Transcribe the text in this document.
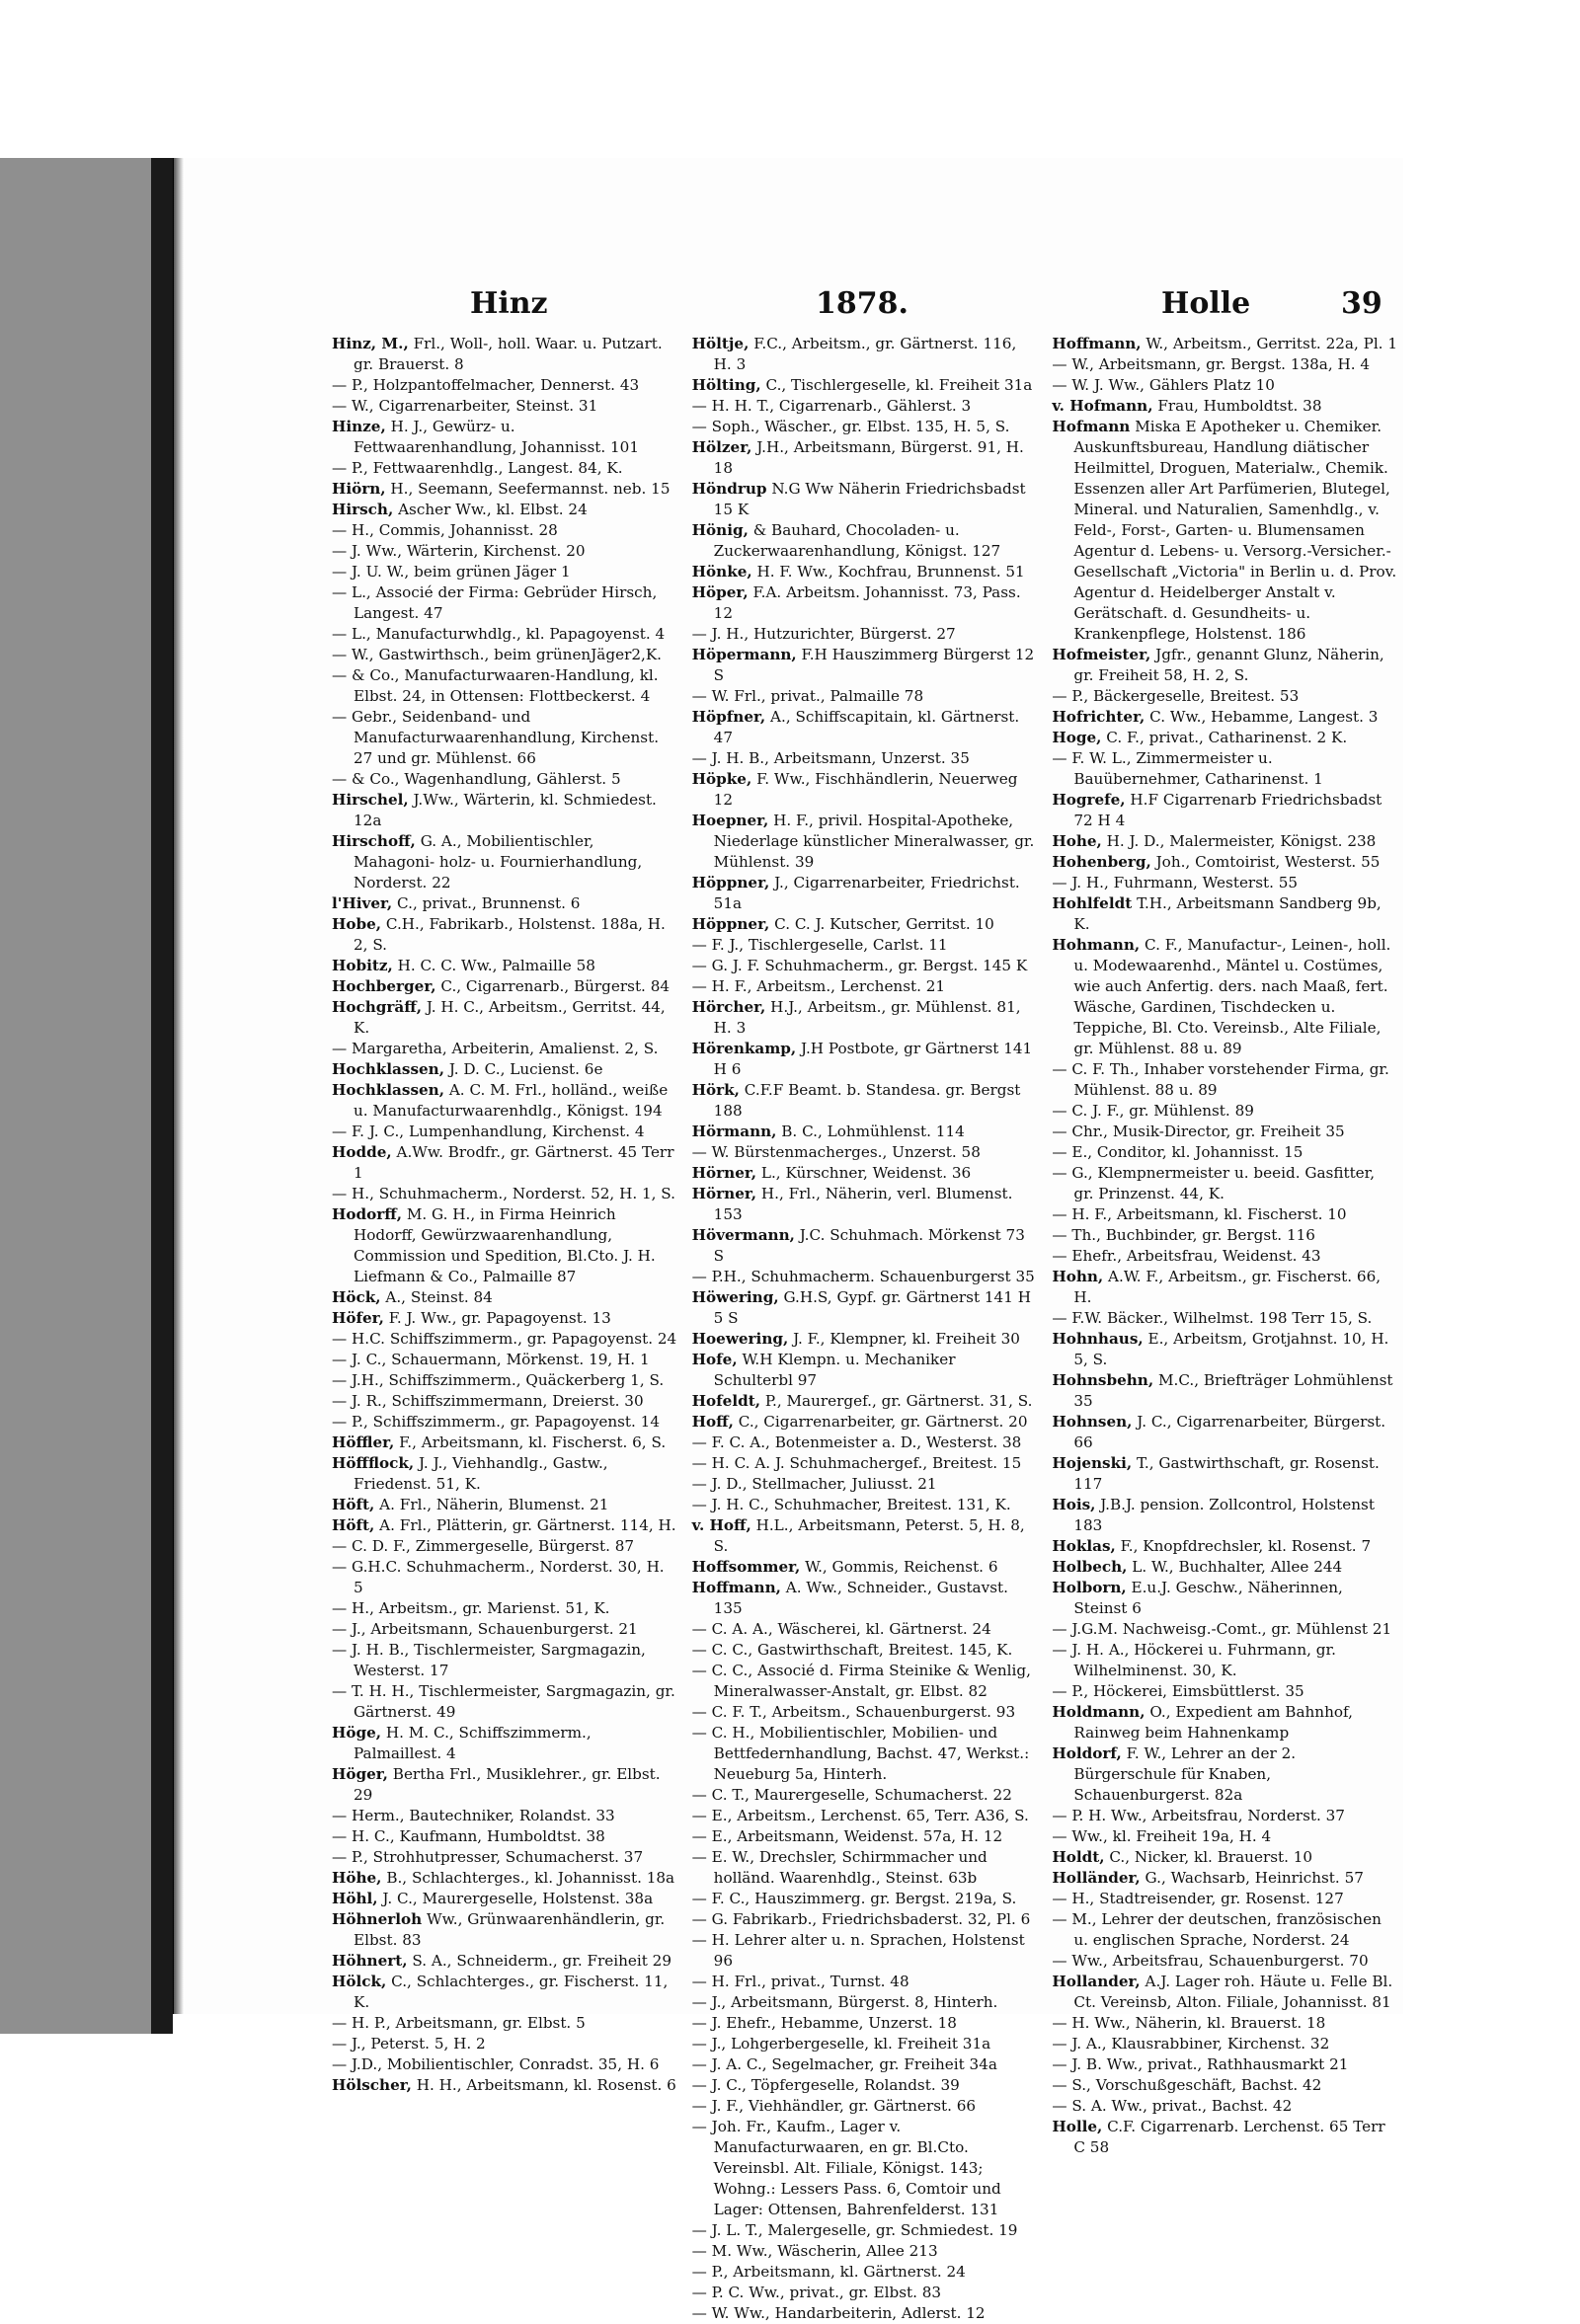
Hinz	1878.	Holle	39
Hinz, M., Frl., Woll-, holl. Waar. u. Putzart. gr. Brauerst. 8
— P., Holzpantoffelmacher, Dennerst. 43
— W., Cigarrenarbeiter, Steinst. 31
Hinze, H. J., Gewürz- u. Fettwaarenhandlung, Johannisst. 101
— P., Fettwaarenhdlg., Langest. 84, K.
Hiörn, H., Seemann, Seefermannst. neb. 15
Hirsch, Ascher Ww., kl. Elbst. 24
— H., Commis, Johannisst. 28
— J. Ww., Wärterin, Kirchenst. 20
— J. U. W., beim grünen Jäger 1
— L., Associé der Firma: Gebrüder Hirsch, Langest. 47
— L., Manufacturwhdlg., kl. Papagoyenst. 4
— W., Gastwirthsch., beim grünenJäger2,K.
— & Co., Manufacturwaaren-Handlung, kl. Elbst. 24, in Ottensen: Flottbeckerst. 4
— Gebr., Seidenband- und Manufacturwaarenhandlung, Kirchenst. 27 und gr. Mühlenst. 66
— & Co., Wagenhandlung, Gählerst. 5
Hirschel, J.Ww., Wärterin, kl. Schmiedest. 12a
Hirschoff, G. A., Mobilientischler, Mahagoni- holz- u. Fournierhandlung, Norderst. 22
l'Hiver, C., privat., Brunnenst. 6
Hobe, C.H., Fabrikarb., Holstenst. 188a, H. 2, S.
Hobitz, H. C. C. Ww., Palmaille 58
Hochberger, C., Cigarrenarb., Bürgerst. 84
Hochgräff, J. H. C., Arbeitsm., Gerritst. 44, K.
— Margaretha, Arbeiterin, Amalienst. 2, S.
Hochklassen, J. D. C., Lucienst. 6e
Hochklassen, A. C. M. Frl., holländ., weiße u. Manufacturwaarenhdlg., Königst. 194
— F. J. C., Lumpenhandlung, Kirchenst. 4
Hodde, A.Ww. Brodfr., gr. Gärtnerst. 45 Terr 1
— H., Schuhmacherm., Norderst. 52, H. 1, S.
Hodorff, M. G. H., in Firma Heinrich Hodorff, Gewürzwaarenhandlung, Commission und Spedition, Bl.Cto. J. H. Liefmann & Co., Palmaille 87
Höck, A., Steinst. 84
Höfer, F. J. Ww., gr. Papagoyenst. 13
— H.C. Schiffszimmerm., gr. Papagoyenst. 24
— J. C., Schauermann, Mörkenst. 19, H. 1
— J.H., Schiffszimmerm., Quäckerberg 1, S.
— J. R., Schiffszimmermann, Dreierst. 30
— P., Schiffszimmerm., gr. Papagoyenst. 14
Höffler, F., Arbeitsmann, kl. Fischerst. 6, S.
Höffflock, J. J., Viehhandlg., Gastw., Friedenst. 51, K.
Höft, A. Frl., Näherin, Blumenst. 21
Höft, A. Frl., Plätterin, gr. Gärtnerst. 114, H.
— C. D. F., Zimmergeselle, Bürgerst. 87
— G.H.C. Schuhmacherm., Norderst. 30, H. 5
— H., Arbeitsm., gr. Marienst. 51, K.
— J., Arbeitsmann, Schauenburgerst. 21
— J. H. B., Tischlermeister, Sargmagazin, Westerst. 17
— T. H. H., Tischlermeister, Sargmagazin, gr. Gärtnerst. 49
Höge, H. M. C., Schiffszimmerm., Palmaillest. 4
Höger, Bertha Frl., Musiklehrer., gr. Elbst. 29
— Herm., Bautechniker, Rolandst. 33
— H. C., Kaufmann, Humboldtst. 38
— P., Strohhutpresser, Schumacherst. 37
Höhe, B., Schlachterges., kl. Johannisst. 18a
Höhl, J. C., Maurergeselle, Holstenst. 38a
Höhnerloh Ww., Grünwaarenhändlerin, gr. Elbst. 83
Höhnert, S. A., Schneiderm., gr. Freiheit 29
Hölck, C., Schlachterges., gr. Fischerst. 11, K.
— H. P., Arbeitsmann, gr. Elbst. 5
— J., Peterst. 5, H. 2
— J.D., Mobilientischler, Conradst. 35, H. 6
Hölscher, H. H., Arbeitsmann, kl. Rosenst. 6
Höltje, F.C., Arbeitsm., gr. Gärtnerst. 116, H. 3
Hölting, C., Tischlergeselle, kl. Freiheit 31a
— H. H. T., Cigarrenarb., Gählerst. 3
— Soph., Wäscher., gr. Elbst. 135, H. 5, S.
Hölzer, J.H., Arbeitsmann, Bürgerst. 91, H. 18
Höndrup N.G Ww Näherin Friedrichsbadst 15 K
Hönig, & Bauhard, Chocoladen- u. Zuckerwaarenhandlung, Königst. 127
Hönke, H. F. Ww., Kochfrau, Brunnenst. 51
Höper, F.A. Arbeitsm. Johannisst. 73, Pass. 12
— J. H., Hutzurichter, Bürgerst. 27
Höpermann, F.H Hauszimmerg Bürgerst 12 S
— W. Frl., privat., Palmaille 78
Höpfner, A., Schiffscapitain, kl. Gärtnerst. 47
— J. H. B., Arbeitsmann, Unzerst. 35
Höpke, F. Ww., Fischhändlerin, Neuerweg 12
Hoepner, H. F., privil. Hospital-Apotheke, Niederlage künstlicher Mineralwasser, gr. Mühlenst. 39
Höppner, J., Cigarrenarbeiter, Friedrichst. 51a
Höppner, C. C. J. Kutscher, Gerritst. 10
— F. J., Tischlergeselle, Carlst. 11
— G. J. F. Schuhmacherm., gr. Bergst. 145 K
— H. F., Arbeitsm., Lerchenst. 21
Hörcher, H.J., Arbeitsm., gr. Mühlenst. 81, H. 3
Hörenkamp, J.H Postbote, gr Gärtnerst 141 H 6
Hörk, C.F.F Beamt. b. Standesa. gr. Bergst 188
Hörmann, B. C., Lohmühlenst. 114
— W. Bürstenmacherges., Unzerst. 58
Hörner, L., Kürschner, Weidenst. 36
Hörner, H., Frl., Näherin, verl. Blumenst. 153
Hövermann, J.C. Schuhmach. Mörkenst 73 S
— P.H., Schuhmacherm. Schauenburgerst 35
Höwering, G.H.S, Gypf. gr. Gärtnerst 141 H 5 S
Hoewering, J. F., Klempner, kl. Freiheit 30
Hofe, W.H Klempn. u. Mechaniker Schulterbl 97
Hofeldt, P., Maurergef., gr. Gärtnerst. 31, S.
Hoff, C., Cigarrenarbeiter, gr. Gärtnerst. 20
— F. C. A., Botenmeister a. D., Westerst. 38
— H. C. A. J. Schuhmachergef., Breitest. 15
— J. D., Stellmacher, Juliusst. 21
— J. H. C., Schuhmacher, Breitest. 131, K.
v. Hoff, H.L., Arbeitsmann, Peterst. 5, H. 8, S.
Hoffsommer, W., Gommis, Reichenst. 6
Hoffmann, A. Ww., Schneider., Gustavst. 135
— C. A. A., Wäscherei, kl. Gärtnerst. 24
— C. C., Gastwirthschaft, Breitest. 145, K.
— C. C., Associé d. Firma Steinike & Wenlig, Mineralwasser-Anstalt, gr. Elbst. 82
— C. F. T., Arbeitsm., Schauenburgerst. 93
— C. H., Mobilientischler, Mobilien- und Bettfedernhandlung, Bachst. 47, Werkst.: Neueburg 5a, Hinterh.
— C. T., Maurergeselle, Schumacherst. 22
— E., Arbeitsm., Lerchenst. 65, Terr. A36, S.
— E., Arbeitsmann, Weidenst. 57a, H. 12
— E. W., Drechsler, Schirmmacher und holländ. Waarenhdlg., Steinst. 63b
— F. C., Hauszimmerg. gr. Bergst. 219a, S.
— G. Fabrikarb., Friedrichsbaderst. 32, Pl. 6
— H. Lehrer alter u. n. Sprachen, Holstenst 96
— H. Frl., privat., Turnst. 48
— J., Arbeitsmann, Bürgerst. 8, Hinterh.
— J. Ehefr., Hebamme, Unzerst. 18
— J., Lohgerbergeselle, kl. Freiheit 31a
— J. A. C., Segelmacher, gr. Freiheit 34a
— J. C., Töpfergeselle, Rolandst. 39
— J. F., Viehhändler, gr. Gärtnerst. 66
— Joh. Fr., Kaufm., Lager v. Manufacturwaaren, en gr. Bl.Cto. Vereinsbl. Alt. Filiale, Königst. 143; Wohng.: Lessers Pass. 6, Comtoir und Lager: Ottensen, Bahrenfelderst. 131
— J. L. T., Malergeselle, gr. Schmiedest. 19
— M. Ww., Wäscherin, Allee 213
— P., Arbeitsmann, kl. Gärtnerst. 24
— P. C. Ww., privat., gr. Elbst. 83
— W. Ww., Handarbeiterin, Adlerst. 12
Hoffmann, W., Arbeitsm., Gerritst. 22a, Pl. 1
— W., Arbeitsmann, gr. Bergst. 138a, H. 4
— W. J. Ww., Gählers Platz 10
v. Hofmann, Frau, Humboldtst. 38
Hofmann Miska E Apotheker u. Chemiker. Auskunftsbureau, Handlung diätischer Heilmittel, Droguen, Materialw., Chemik. Essenzen aller Art Parfümerien, Blutegel, Mineral. und Naturalien, Samenhdlg., v. Feld-, Forst-, Garten- u. Blumensamen Agentur d. Lebens- u. Versorg.-Versicher.-Gesellschaft „Victoria" in Berlin u. d. Prov. Agentur d. Heidelberger Anstalt v. Gerätschaft. d. Gesundheits- u. Krankenpflege, Holstenst. 186
Hofmeister, Jgfr., genannt Glunz, Näherin, gr. Freiheit 58, H. 2, S.
— P., Bäckergeselle, Breitest. 53
Hofrichter, C. Ww., Hebamme, Langest. 3
Hoge, C. F., privat., Catharinenst. 2 K.
— F. W. L., Zimmermeister u. Bauübernehmer, Catharinenst. 1
Hogrefe, H.F Cigarrenarb Friedrichsbadst 72 H 4
Hohe, H. J. D., Malermeister, Königst. 238
Hohenberg, Joh., Comtoirist, Westerst. 55
— J. H., Fuhrmann, Westerst. 55
Hohlfeldt T.H., Arbeitsmann Sandberg 9b, K.
Hohmann, C. F., Manufactur-, Leinen-, holl. u. Modewaarenhd., Mäntel u. Costümes, wie auch Anfertig. ders. nach Maaß, fert. Wäsche, Gardinen, Tischdecken u. Teppiche, Bl. Cto. Vereinsb., Alte Filiale, gr. Mühlenst. 88 u. 89
— C. F. Th., Inhaber vorstehender Firma, gr. Mühlenst. 88 u. 89
— C. J. F., gr. Mühlenst. 89
— Chr., Musik-Director, gr. Freiheit 35
— E., Conditor, kl. Johannisst. 15
— G., Klempnermeister u. beeid. Gasfitter, gr. Prinzenst. 44, K.
— H. F., Arbeitsmann, kl. Fischerst. 10
— Th., Buchbinder, gr. Bergst. 116
— Ehefr., Arbeitsfrau, Weidenst. 43
Hohn, A.W. F., Arbeitsm., gr. Fischerst. 66, H.
— F.W. Bäcker., Wilhelmst. 198 Terr 15, S.
Hohnhaus, E., Arbeitsm, Grotjahnst. 10, H. 5, S.
Hohnsbehn, M.C., Briefträger Lohmühlenst 35
Hohnsen, J. C., Cigarrenarbeiter, Bürgerst. 66
Hojenski, T., Gastwirthschaft, gr. Rosenst. 117
Hois, J.B.J. pension. Zollcontrol, Holstenst 183
Hoklas, F., Knopfdrechsler, kl. Rosenst. 7
Holbech, L. W., Buchhalter, Allee 244
Holborn, E.u.J. Geschw., Näherinnen, Steinst 6
— J.G.M. Nachweisg.-Comt., gr. Mühlenst 21
— J. H. A., Höckerei u. Fuhrmann, gr. Wilhelminenst. 30, K.
— P., Höckerei, Eimsbüttlerst. 35
Holdmann, O., Expedient am Bahnhof, Rainweg beim Hahnenkamp
Holdorf, F. W., Lehrer an der 2. Bürgerschule für Knaben, Schauenburgerst. 82a
— P. H. Ww., Arbeitsfrau, Norderst. 37
— Ww., kl. Freiheit 19a, H. 4
Holdt, C., Nicker, kl. Brauerst. 10
Holländer, G., Wachsarb, Heinrichst. 57
— H., Stadtreisender, gr. Rosenst. 127
— M., Lehrer der deutschen, französischen u. englischen Sprache, Norderst. 24
— Ww., Arbeitsfrau, Schauenburgerst. 70
Hollander, A.J. Lager roh. Häute u. Felle Bl. Ct. Vereinsb, Alton. Filiale, Johannisst. 81
— H. Ww., Näherin, kl. Brauerst. 18
— J. A., Klausrabbiner, Kirchenst. 32
— J. B. Ww., privat., Rathhausmarkt 21
— S., Vorschußgeschäft, Bachst. 42
— S. A. Ww., privat., Bachst. 42
Holle, C.F. Cigarrenarb. Lerchenst. 65 Terr C 58
